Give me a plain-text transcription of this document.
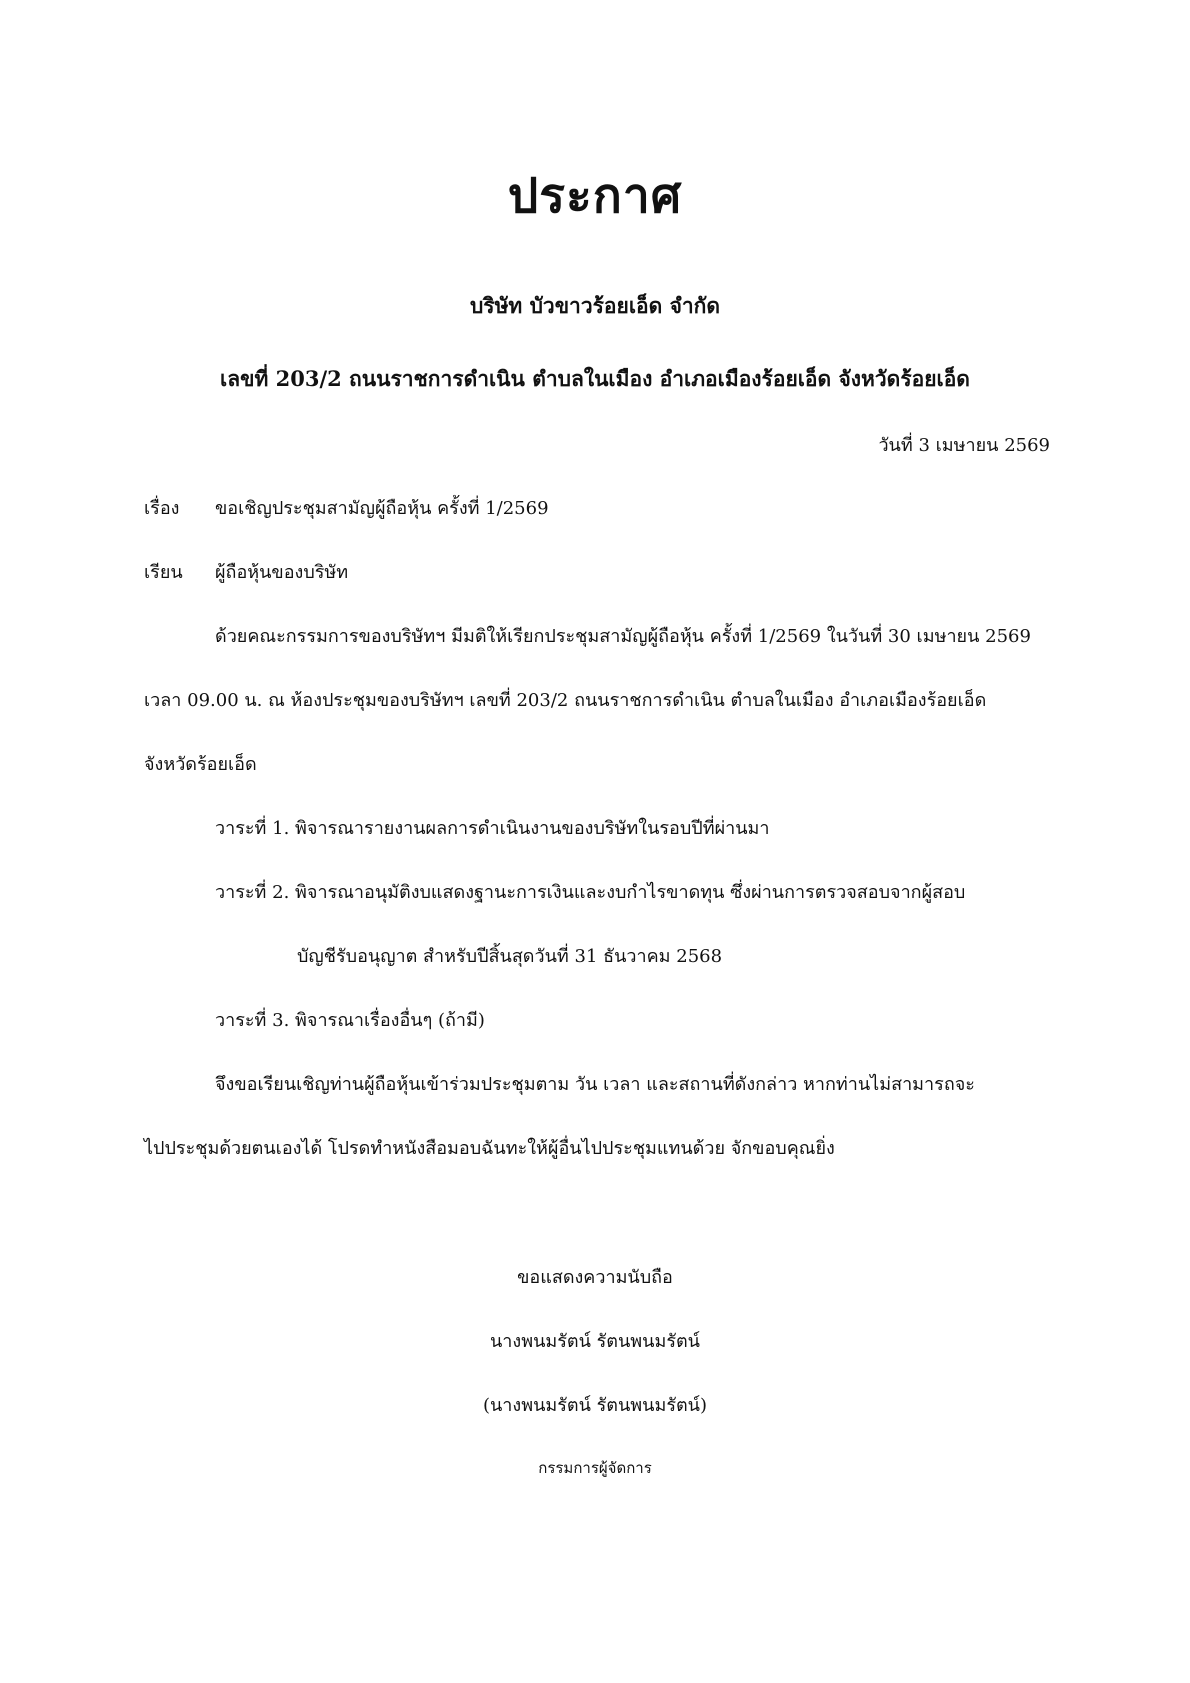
ประกาศ
บริษัท บัวขาวร้อยเอ็ด จำกัด
เลขที่ 203/2 ถนนราชการดำเนิน ตำบลในเมือง อำเภอเมืองร้อยเอ็ด จังหวัดร้อยเอ็ด
วันที่ 3 เมษายน 2569
เรื่อง ขอเชิญประชุมสามัญผู้ถือหุ้น ครั้งที่ 1/2569
เรียน ผู้ถือหุ้นของบริษัท
ด้วยคณะกรรมการของบริษัทฯ มีมติให้เรียกประชุมสามัญผู้ถือหุ้น ครั้งที่ 1/2569 ในวันที่ 30 เมษายน 2569
เวลา 09.00 น. ณ ห้องประชุมของบริษัทฯ เลขที่ 203/2 ถนนราชการดำเนิน ตำบลในเมือง อำเภอเมืองร้อยเอ็ด
จังหวัดร้อยเอ็ด
วาระที่ 1. พิจารณารายงานผลการดำเนินงานของบริษัทในรอบปีที่ผ่านมา
วาระที่ 2. พิจารณาอนุมัติงบแสดงฐานะการเงินและงบกำไรขาดทุน ซึ่งผ่านการตรวจสอบจากผู้สอบ
บัญชีรับอนุญาต สำหรับปีสิ้นสุดวันที่ 31 ธันวาคม 2568
วาระที่ 3. พิจารณาเรื่องอื่นๆ (ถ้ามี)
จึงขอเรียนเชิญท่านผู้ถือหุ้นเข้าร่วมประชุมตาม วัน เวลา และสถานที่ดังกล่าว หากท่านไม่สามารถจะ
ไปประชุมด้วยตนเองได้ โปรดทำหนังสือมอบฉันทะให้ผู้อื่นไปประชุมแทนด้วย จักขอบคุณยิ่ง
ขอแสดงความนับถือ
นางพนมรัตน์ รัตนพนมรัตน์
(นางพนมรัตน์ รัตนพนมรัตน์)
กรรมการผู้จัดการ
